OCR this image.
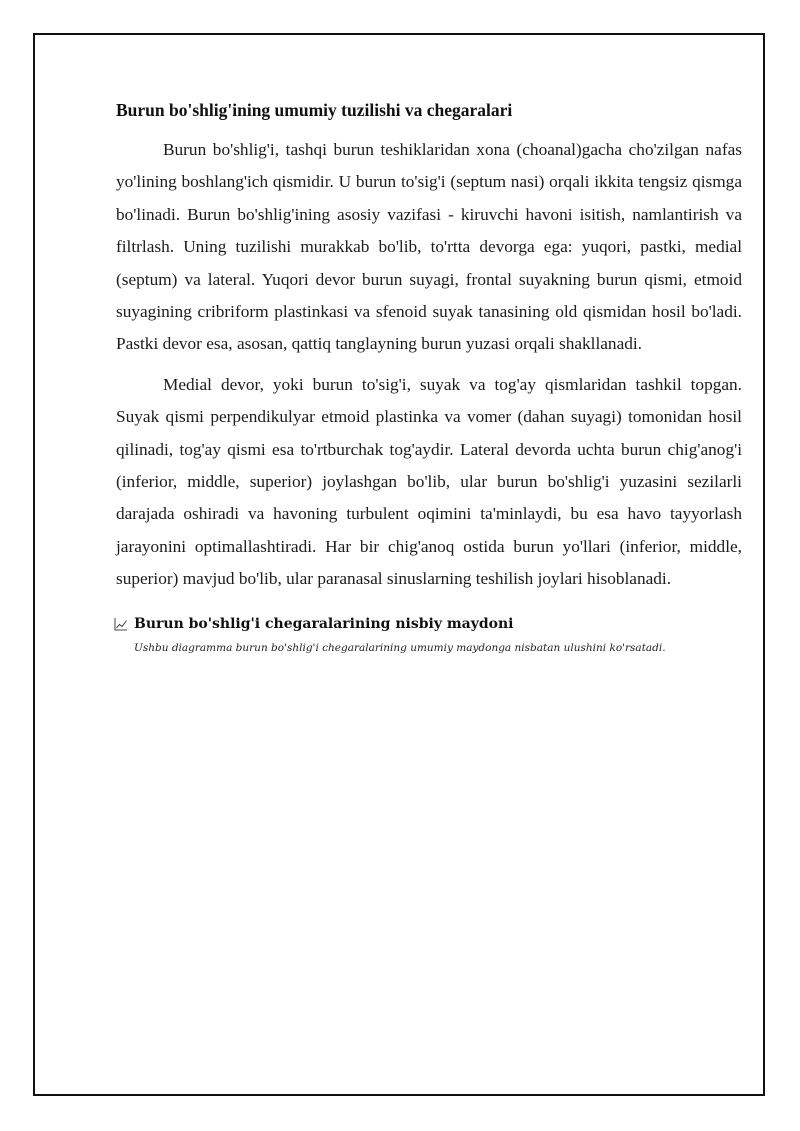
Burun bo'shlig'ining umumiy tuzilishi va chegaralari

Burun bo'shlig'i, tashqi burun teshiklaridan xona (choanal)gacha cho'zilgan nafas yo'lining boshlang'ich qismidir. U burun to'sig'i (septum nasi) orqali ikkita tengsiz qismga bo'linadi. Burun bo'shlig'ining asosiy vazifasi - kiruvchi havoni isitish, namlantirish va filtrlash. Uning tuzilishi murakkab bo'lib, to'rtta devorga ega: yuqori, pastki, medial (septum) va lateral. Yuqori devor burun suyagi, frontal suyakning burun qismi, etmoid suyagining cribriform plastinkasi va sfenoid suyak tanasining old qismidan hosil bo'ladi. Pastki devor esa, asosan, qattiq tanglayning burun yuzasi orqali shakllanadi.

Medial devor, yoki burun to'sig'i, suyak va tog'ay qismlaridan tashkil topgan. Suyak qismi perpendikulyar etmoid plastinka va vomer (dahan suyagi) tomonidan hosil qilinadi, tog'ay qismi esa to'rtburchak tog'aydir. Lateral devorda uchta burun chig'anog'i (inferior, middle, superior) joylashgan bo'lib, ular burun bo'shlig'i yuzasini sezilarli darajada oshiradi va havoning turbulent oqimini ta'minlaydi, bu esa havo tayyorlash jarayonini optimallashtiradi. Har bir chig'anoq ostida burun yo'llari (inferior, middle, superior) mavjud bo'lib, ular paranasal sinuslarning teshilish joylari hisoblanadi.

Burun bo'shlig'i chegaralarining nisbiy maydoni
Ushbu diagramma burun bo'shlig'i chegaralarining umumiy maydonga nisbatan ulushini ko'rsatadi.
